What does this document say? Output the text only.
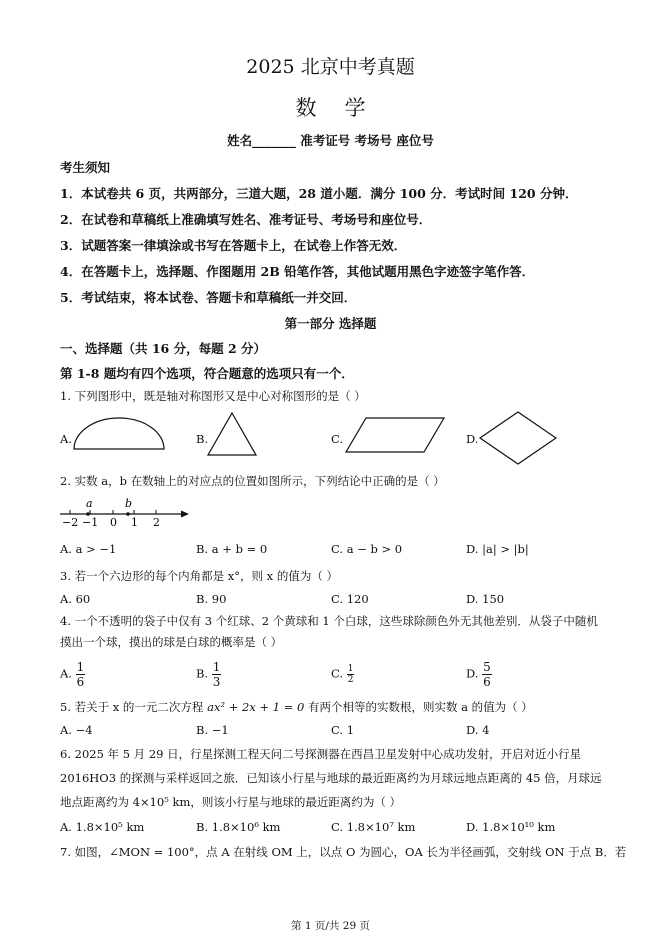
2025 北京中考真题
数学
姓名_______ 准考证号 考场号 座位号
考生须知
1．本试卷共 6 页，共两部分，三道大题，28 道小题．满分 100 分．考试时间 120 分钟．
2．在试卷和草稿纸上准确填写姓名、准考证号、考场号和座位号．
3．试题答案一律填涂或书写在答题卡上，在试卷上作答无效．
4．在答题卡上，选择题、作图题用 2B 铅笔作答，其他试题用黑色字迹签字笔作答．
5．考试结束，将本试卷、答题卡和草稿纸一并交回．
第一部分 选择题
一、选择题（共 16 分，每题 2 分）
第 1-8 题均有四个选项，符合题意的选项只有一个．
1. 下列图形中，既是轴对称图形又是中心对称图形的是（ ）
A.	B.	C.	D.
2. 实数 a，b 在数轴上的对应点的位置如图所示，下列结论中正确的是（ ）
a	b
−2 −1 0 1 2
A. a > −1	B. a + b = 0	C. a − b > 0	D. |a| > |b|
3. 若一个六边形的每个内角都是 x°，则 x 的值为（ ）
A. 60	B. 90	C. 120	D. 150
4. 一个不透明的袋子中仅有 3 个红球、2 个黄球和 1 个白球，这些球除颜色外无其他差别．从袋子中随机
摸出一个球，摸出的球是白球的概率是（ ）
A. $\frac{1}{6}$	B. $\frac{1}{3}$	C. $\frac{1}{2}$	D. $\frac{5}{6}$
5. 若关于 x 的一元二次方程 ax² + 2x + 1 = 0 有两个相等的实数根，则实数 a 的值为（ ）
A. −4	B. −1	C. 1	D. 4
6. 2025 年 5 月 29 日，行星探测工程天问二号探测器在西昌卫星发射中心成功发射，开启对近小行星
2016HO3 的探测与采样返回之旅．已知该小行星与地球的最近距离约为月球远地点距离的 45 倍，月球远
地点距离约为 4×10⁵ km，则该小行星与地球的最近距离约为（ ）
A. 1.8×10⁵ km	B. 1.8×10⁶ km	C. 1.8×10⁷ km	D. 1.8×10¹⁰ km
7. 如图，∠MON = 100°，点 A 在射线 OM 上，以点 O 为圆心，OA 长为半径画弧，交射线 ON 于点 B．若
第 1 页/共 29 页
